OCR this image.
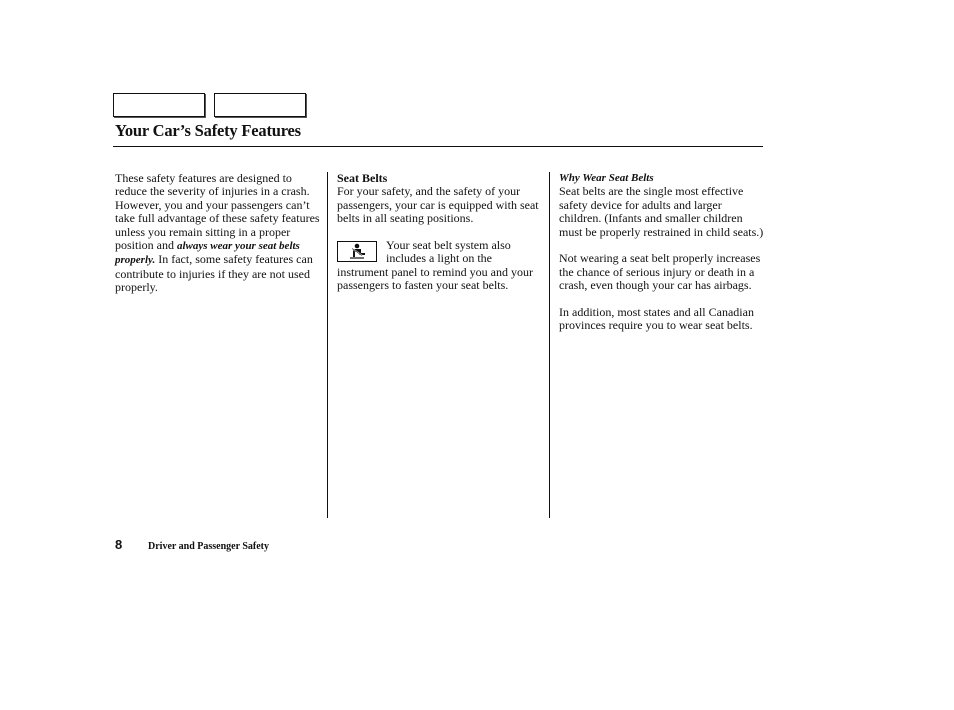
Your Car’s Safety Features

These safety features are designed to reduce the severity of injuries in a crash. However, you and your passengers can’t take full advantage of these safety features unless you remain sitting in a proper position and always wear your seat belts properly. In fact, some safety features can contribute to injuries if they are not used properly.

Seat Belts

For your safety, and the safety of your passengers, your car is equipped with seat belts in all seating positions.

Your seat belt system also includes a light on the instrument panel to remind you and your passengers to fasten your seat belts.

Why Wear Seat Belts

Seat belts are the single most effective safety device for adults and larger children. (Infants and smaller children must be properly restrained in child seats.)

Not wearing a seat belt properly increases the chance of serious injury or death in a crash, even though your car has airbags.

In addition, most states and all Canadian provinces require you to wear seat belts.

8	Driver and Passenger Safety
